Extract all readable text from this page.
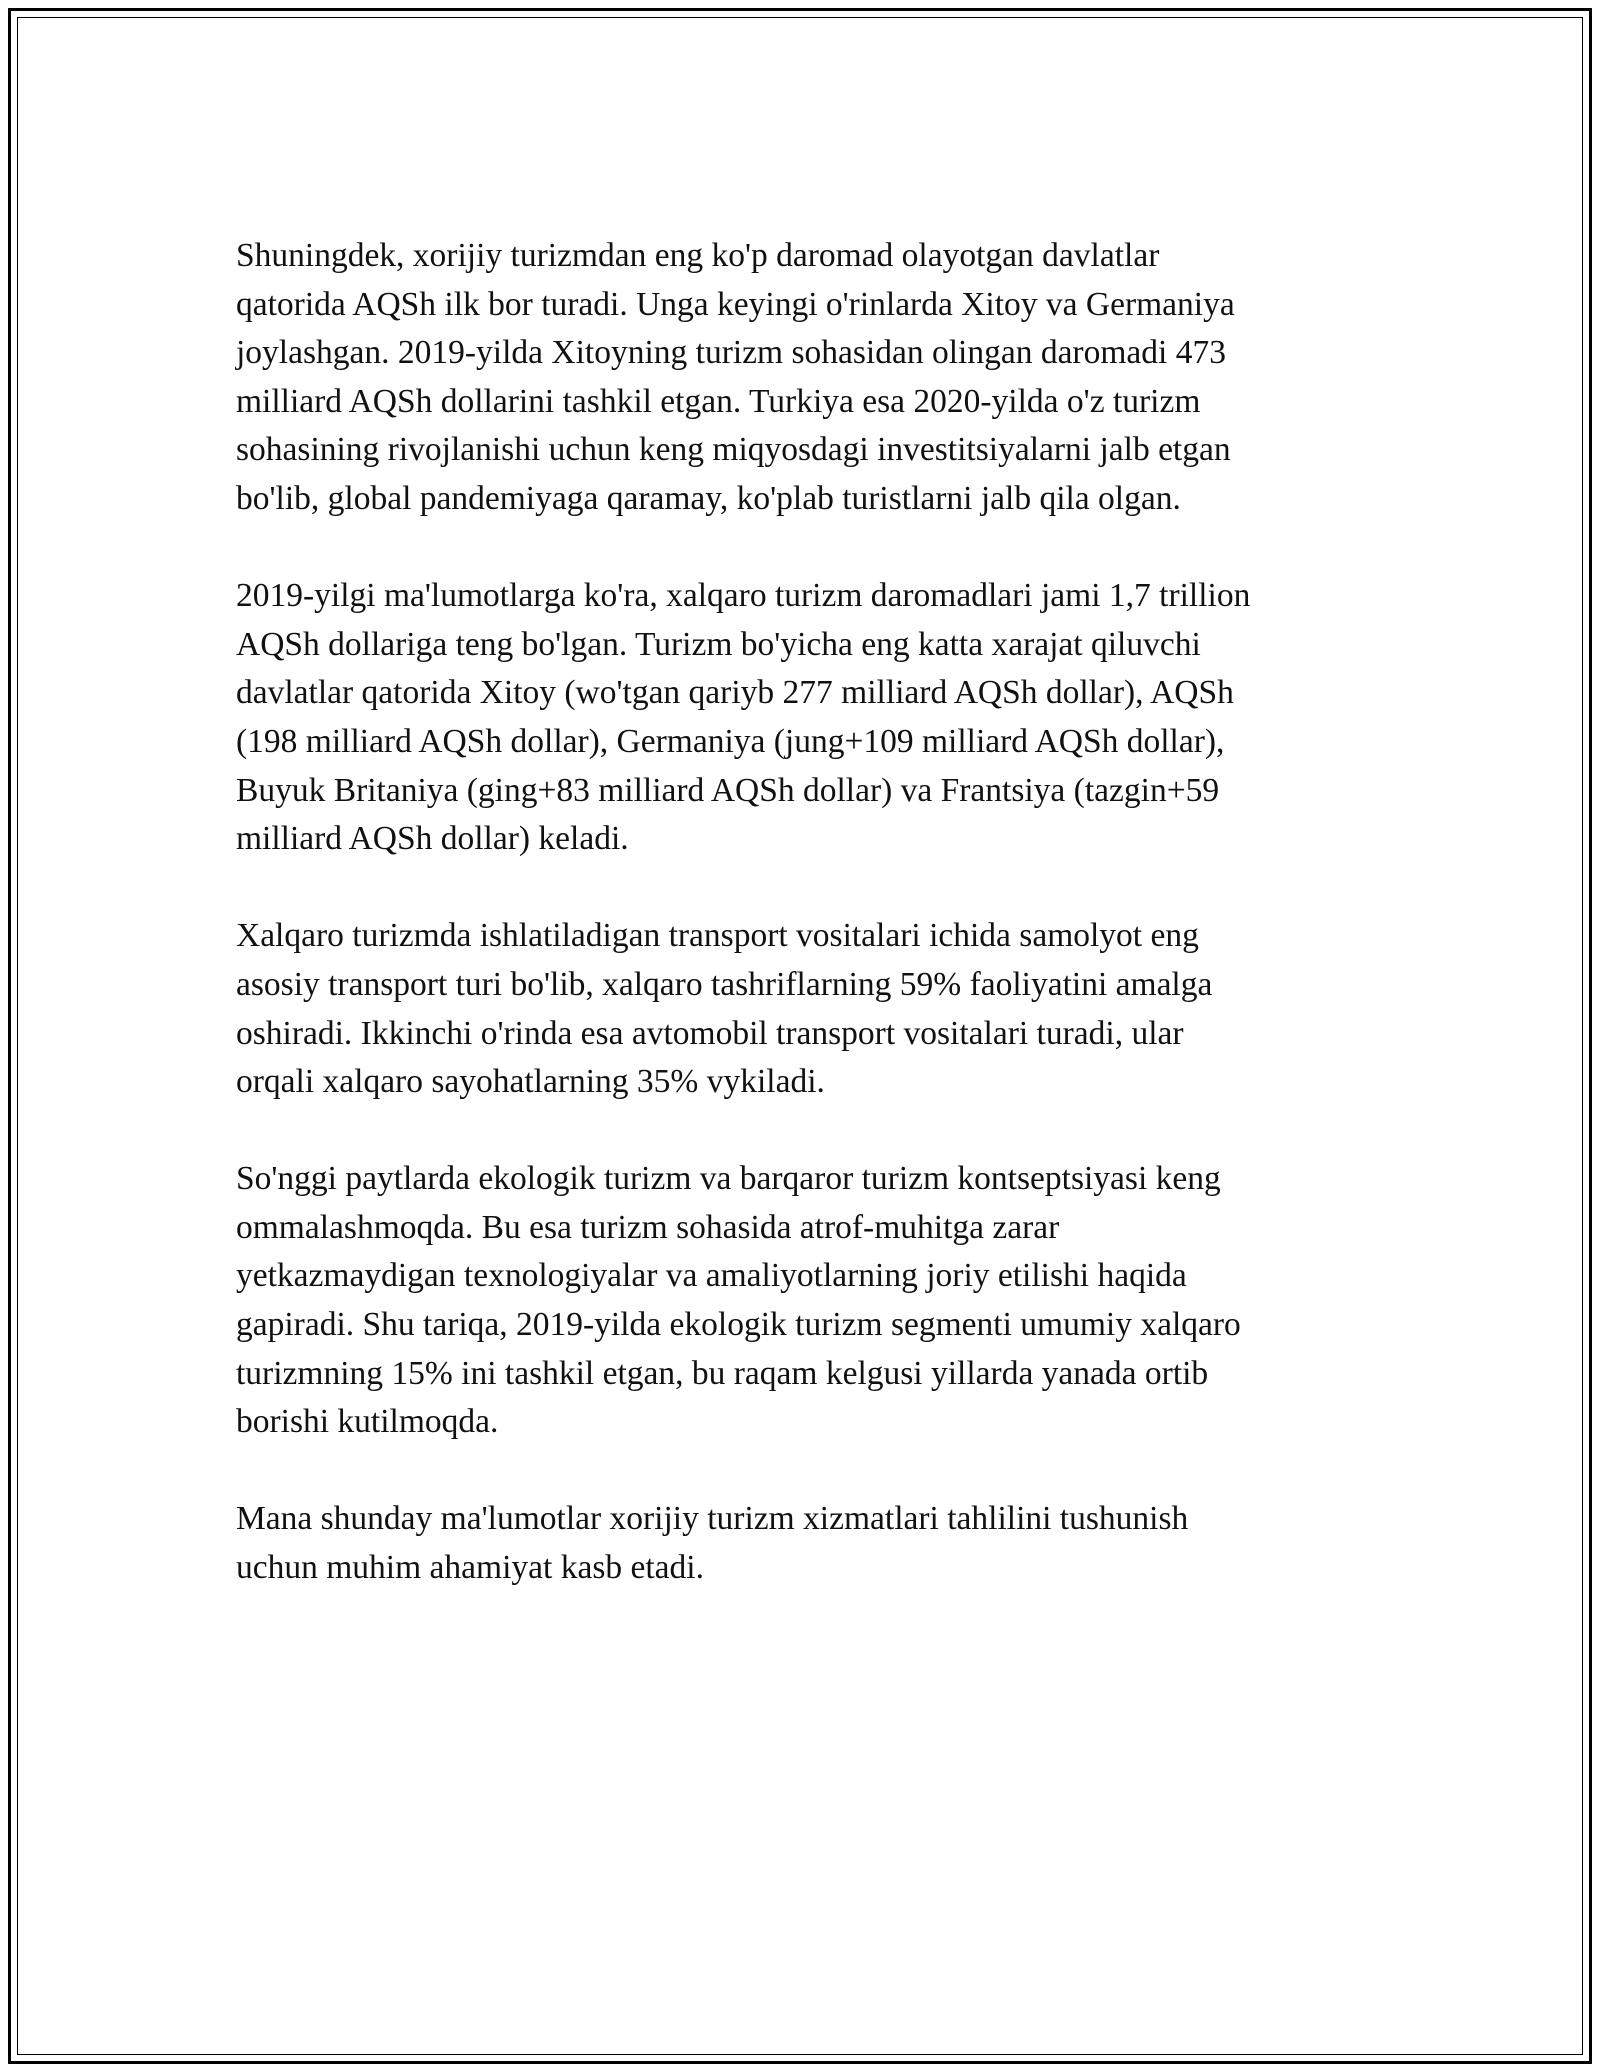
Shuningdek, xorijiy turizmdan eng ko'p daromad olayotgan davlatlar
qatorida AQSh ilk bor turadi. Unga keyingi o'rinlarda Xitoy va Germaniya
joylashgan. 2019-yilda Xitoyning turizm sohasidan olingan daromadi 473
milliard AQSh dollarini tashkil etgan. Turkiya esa 2020-yilda o'z turizm
sohasining rivojlanishi uchun keng miqyosdagi investitsiyalarni jalb etgan
bo'lib, global pandemiyaga qaramay, ko'plab turistlarni jalb qila olgan.

2019-yilgi ma'lumotlarga ko'ra, xalqaro turizm daromadlari jami 1,7 trillion
AQSh dollariga teng bo'lgan. Turizm bo'yicha eng katta xarajat qiluvchi
davlatlar qatorida Xitoy (wo'tgan qariyb 277 milliard AQSh dollar), AQSh
(198 milliard AQSh dollar), Germaniya (jung+109 milliard AQSh dollar),
Buyuk Britaniya (ging+83 milliard AQSh dollar) va Frantsiya (tazgin+59
milliard AQSh dollar) keladi.

Xalqaro turizmda ishlatiladigan transport vositalari ichida samolyot eng
asosiy transport turi bo'lib, xalqaro tashriflarning 59% faoliyatini amalga
oshiradi. Ikkinchi o'rinda esa avtomobil transport vositalari turadi, ular
orqali xalqaro sayohatlarning 35% vykiladi.

So'nggi paytlarda ekologik turizm va barqaror turizm kontseptsiyasi keng
ommalashmoqda. Bu esa turizm sohasida atrof-muhitga zarar
yetkazmaydigan texnologiyalar va amaliyotlarning joriy etilishi haqida
gapiradi. Shu tariqa, 2019-yilda ekologik turizm segmenti umumiy xalqaro
turizmning 15% ini tashkil etgan, bu raqam kelgusi yillarda yanada ortib
borishi kutilmoqda.

Mana shunday ma'lumotlar xorijiy turizm xizmatlari tahlilini tushunish
uchun muhim ahamiyat kasb etadi.
